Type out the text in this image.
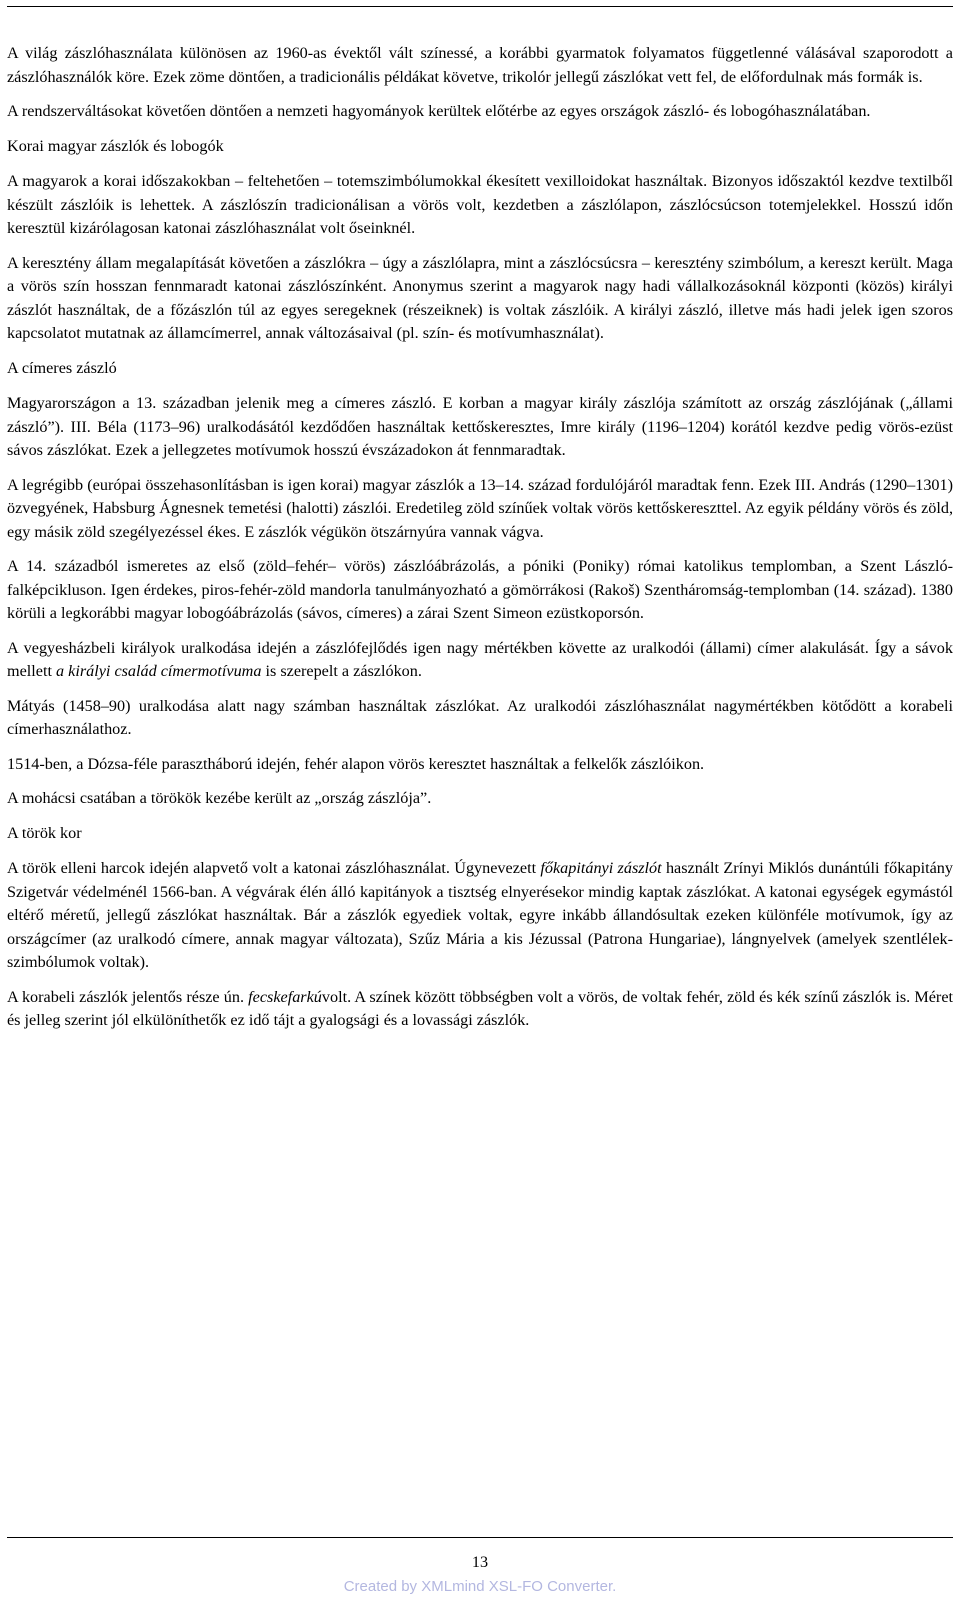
A világ zászlóhasználata különösen az 1960-as évektől vált színessé, a korábbi gyarmatok folyamatos függetlenné válásával szaporodott a zászlóhasználók köre. Ezek zöme döntően, a tradicionális példákat követve, trikolór jellegű zászlókat vett fel, de előfordulnak más formák is.

A rendszerváltásokat követően döntően a nemzeti hagyományok kerültek előtérbe az egyes országok zászló- és lobogóhasználatában.

Korai magyar zászlók és lobogók

A magyarok a korai időszakokban – feltehetően – totemszimbólumokkal ékesített vexilloidokat használtak. Bizonyos időszaktól kezdve textilből készült zászlóik is lehettek. A zászlószín tradicionálisan a vörös volt, kezdetben a zászlólapon, zászlócsúcson totemjelekkel. Hosszú időn keresztül kizárólagosan katonai zászlóhasználat volt őseinknél.

A keresztény állam megalapítását követően a zászlókra – úgy a zászlólapra, mint a zászlócsúcsra – keresztény szimbólum, a kereszt került. Maga a vörös szín hosszan fennmaradt katonai zászlószínként. Anonymus szerint a magyarok nagy hadi vállalkozásoknál központi (közös) királyi zászlót használtak, de a főzászlón túl az egyes seregeknek (részeiknek) is voltak zászlóik. A királyi zászló, illetve más hadi jelek igen szoros kapcsolatot mutatnak az államcímerrel, annak változásaival (pl. szín- és motívumhasználat).

A címeres zászló

Magyarországon a 13. században jelenik meg a címeres zászló. E korban a magyar király zászlója számított az ország zászlójának („állami zászló”). III. Béla (1173–96) uralkodásától kezdődően használtak kettőskeresztes, Imre király (1196–1204) korától kezdve pedig vörös-ezüst sávos zászlókat. Ezek a jellegzetes motívumok hosszú évszázadokon át fennmaradtak.

A legrégibb (európai összehasonlításban is igen korai) magyar zászlók a 13–14. század fordulójáról maradtak fenn. Ezek III. András (1290–1301) özvegyének, Habsburg Ágnesnek temetési (halotti) zászlói. Eredetileg zöld színűek voltak vörös kettőskereszttel. Az egyik példány vörös és zöld, egy másik zöld szegélyezéssel ékes. E zászlók végükön ötszárnyúra vannak vágva.

A 14. századból ismeretes az első (zöld–fehér– vörös) zászlóábrázolás, a póniki (Poniky) római katolikus templomban, a Szent László-falképcikluson. Igen érdekes, piros-fehér-zöld mandorla tanulmányozható a gömörrákosi (Rakoš) Szentháromság-templomban (14. század). 1380 körüli a legkorábbi magyar lobogóábrázolás (sávos, címeres) a zárai Szent Simeon ezüstkoporsón.

A vegyesházbeli királyok uralkodása idején a zászlófejlődés igen nagy mértékben követte az uralkodói (állami) címer alakulását. Így a sávok mellett a királyi család címermotívuma is szerepelt a zászlókon.

Mátyás (1458–90) uralkodása alatt nagy számban használtak zászlókat. Az uralkodói zászlóhasználat nagymértékben kötődött a korabeli címerhasználathoz.

1514-ben, a Dózsa-féle parasztháború idején, fehér alapon vörös keresztet használtak a felkelők zászlóikon.

A mohácsi csatában a törökök kezébe került az „ország zászlója”.

A török kor

A török elleni harcok idején alapvető volt a katonai zászlóhasználat. Úgynevezett főkapitányi zászlót használt Zrínyi Miklós dunántúli főkapitány Szigetvár védelménél 1566-ban. A végvárak élén álló kapitányok a tisztség elnyerésekor mindig kaptak zászlókat. A katonai egységek egymástól eltérő méretű, jellegű zászlókat használtak. Bár a zászlók egyediek voltak, egyre inkább állandósultak ezeken különféle motívumok, így az országcímer (az uralkodó címere, annak magyar változata), Szűz Mária a kis Jézussal (Patrona Hungariae), lángnyelvek (amelyek szentlélek-szimbólumok voltak).

A korabeli zászlók jelentős része ún. fecskefarkúvolt. A színek között többségben volt a vörös, de voltak fehér, zöld és kék színű zászlók is. Méret és jelleg szerint jól elkülöníthetők ez idő tájt a gyalogsági és a lovassági zászlók.

13
Created by XMLmind XSL-FO Converter.
